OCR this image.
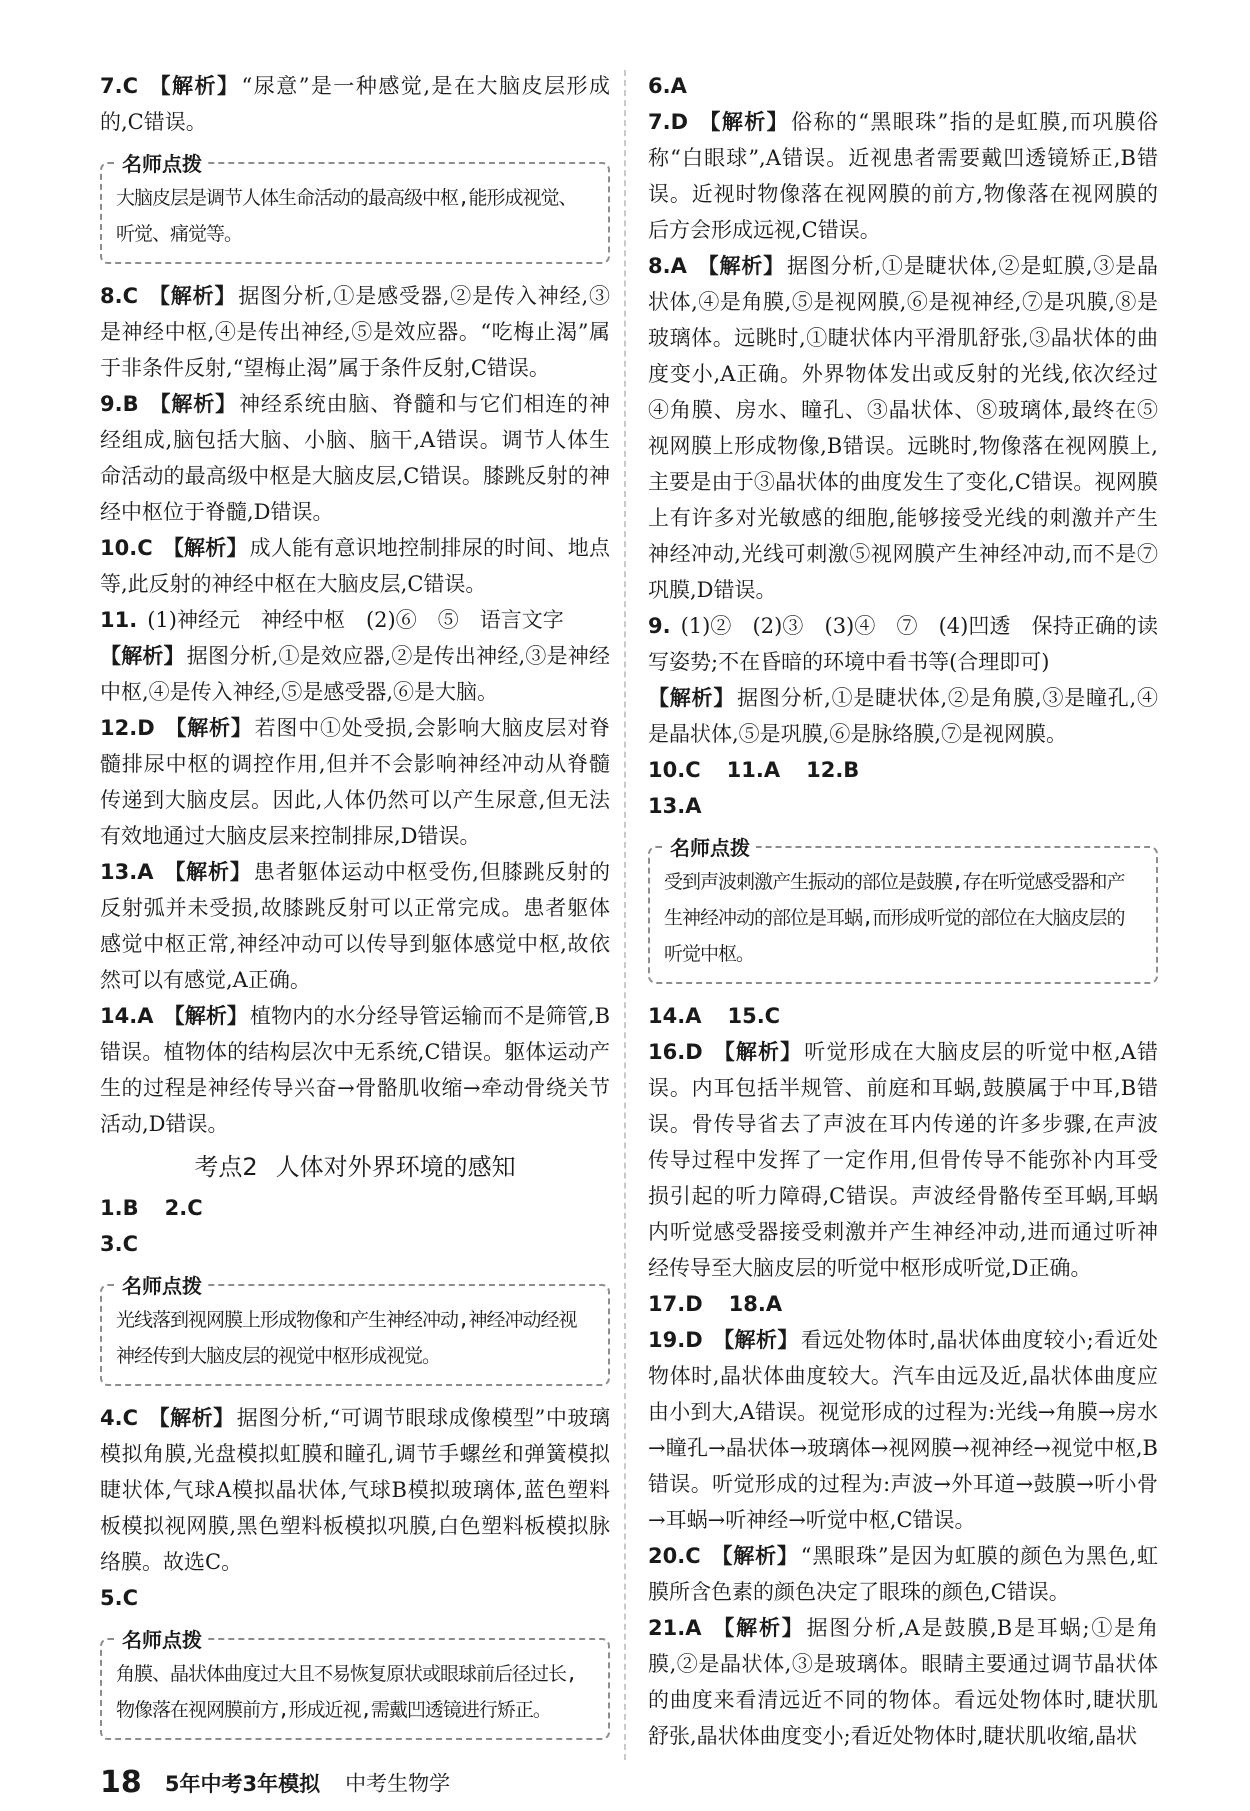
7.C 【解析】“尿意”是一种感觉,是在大脑皮层形成的,C错误。

名师点拨

大脑皮层是调节人体生命活动的最高级中枢,能形成视觉、听觉、痛觉等。

8.C 【解析】据图分析,①是感受器,②是传入神经,③是神经中枢,④是传出神经,⑤是效应器。“吃梅止渴”属于非条件反射,“望梅止渴”属于条件反射,C错误。

9.B 【解析】神经系统由脑、脊髓和与它们相连的神经组成,脑包括大脑、小脑、脑干,A错误。调节人体生命活动的最高级中枢是大脑皮层,C错误。膝跳反射的神经中枢位于脊髓,D错误。

10.C 【解析】成人能有意识地控制排尿的时间、地点等,此反射的神经中枢在大脑皮层,C错误。

11. (1)神经元　神经中枢　(2)⑥　⑤　语言文字

【解析】据图分析,①是效应器,②是传出神经,③是神经中枢,④是传入神经,⑤是感受器,⑥是大脑。

12.D 【解析】若图中①处受损,会影响大脑皮层对脊髓排尿中枢的调控作用,但并不会影响神经冲动从脊髓传递到大脑皮层。因此,人体仍然可以产生尿意,但无法有效地通过大脑皮层来控制排尿,D错误。

13.A 【解析】患者躯体运动中枢受伤,但膝跳反射的反射弧并未受损,故膝跳反射可以正常完成。患者躯体感觉中枢正常,神经冲动可以传导到躯体感觉中枢,故依然可以有感觉,A正确。

14.A 【解析】植物内的水分经导管运输而不是筛管,B错误。植物体的结构层次中无系统,C错误。躯体运动产生的过程是神经传导兴奋→骨骼肌收缩→牵动骨绕关节活动,D错误。

考点2 人体对外界环境的感知
1.B 2.C
3.C
名师点拨

光线落到视网膜上形成物像和产生神经冲动,神经冲动经视神经传到大脑皮层的视觉中枢形成视觉。

4.C 【解析】据图分析,“可调节眼球成像模型”中玻璃模拟角膜,光盘模拟虹膜和瞳孔,调节手螺丝和弹簧模拟睫状体,气球A模拟晶状体,气球B模拟玻璃体,蓝色塑料板模拟视网膜,黑色塑料板模拟巩膜,白色塑料板模拟脉络膜。故选C。

5.C
名师点拨

角膜、晶状体曲度过大且不易恢复原状或眼球前后径过长,物像落在视网膜前方,形成近视,需戴凹透镜进行矫正。

6.A

7.D 【解析】俗称的“黑眼珠”指的是虹膜,而巩膜俗称“白眼球”,A错误。近视患者需要戴凹透镜矫正,B错误。近视时物像落在视网膜的前方,物像落在视网膜的后方会形成远视,C错误。

8.A 【解析】据图分析,①是睫状体,②是虹膜,③是晶状体,④是角膜,⑤是视网膜,⑥是视神经,⑦是巩膜,⑧是玻璃体。远眺时,①睫状体内平滑肌舒张,③晶状体的曲度变小,A正确。外界物体发出或反射的光线,依次经过④角膜、房水、瞳孔、③晶状体、⑧玻璃体,最终在⑤视网膜上形成物像,B错误。远眺时,物像落在视网膜上,主要是由于③晶状体的曲度发生了变化,C错误。视网膜上有许多对光敏感的细胞,能够接受光线的刺激并产生神经冲动,光线可刺激⑤视网膜产生神经冲动,而不是⑦巩膜,D错误。

9. (1)②　(2)③　(3)④　⑦　(4)凹透　保持正确的读写姿势;不在昏暗的环境中看书等(合理即可)

【解析】据图分析,①是睫状体,②是角膜,③是瞳孔,④是晶状体,⑤是巩膜,⑥是脉络膜,⑦是视网膜。

10.C 11.A 12.B
13.A
名师点拨

受到声波刺激产生振动的部位是鼓膜,存在听觉感受器和产生神经冲动的部位是耳蜗,而形成听觉的部位在大脑皮层的听觉中枢。

14.A 15.C

16.D 【解析】听觉形成在大脑皮层的听觉中枢,A错误。内耳包括半规管、前庭和耳蜗,鼓膜属于中耳,B错误。骨传导省去了声波在耳内传递的许多步骤,在声波传导过程中发挥了一定作用,但骨传导不能弥补内耳受损引起的听力障碍,C错误。声波经骨骼传至耳蜗,耳蜗内听觉感受器接受刺激并产生神经冲动,进而通过听神经传导至大脑皮层的听觉中枢形成听觉,D正确。

17.D 18.A

19.D 【解析】看远处物体时,晶状体曲度较小;看近处物体时,晶状体曲度较大。汽车由远及近,晶状体曲度应由小到大,A错误。视觉形成的过程为:光线→角膜→房水→瞳孔→晶状体→玻璃体→视网膜→视神经→视觉中枢,B错误。听觉形成的过程为:声波→外耳道→鼓膜→听小骨→耳蜗→听神经→听觉中枢,C错误。

20.C 【解析】“黑眼珠”是因为虹膜的颜色为黑色,虹膜所含色素的颜色决定了眼珠的颜色,C错误。

21.A 【解析】据图分析,A是鼓膜,B是耳蜗;①是角膜,②是晶状体,③是玻璃体。眼睛主要通过调节晶状体的曲度来看清远近不同的物体。看远处物体时,睫状肌舒张,晶状体曲度变小;看近处物体时,睫状肌收缩,晶状

18 5年中考3年模拟 中考生物学
